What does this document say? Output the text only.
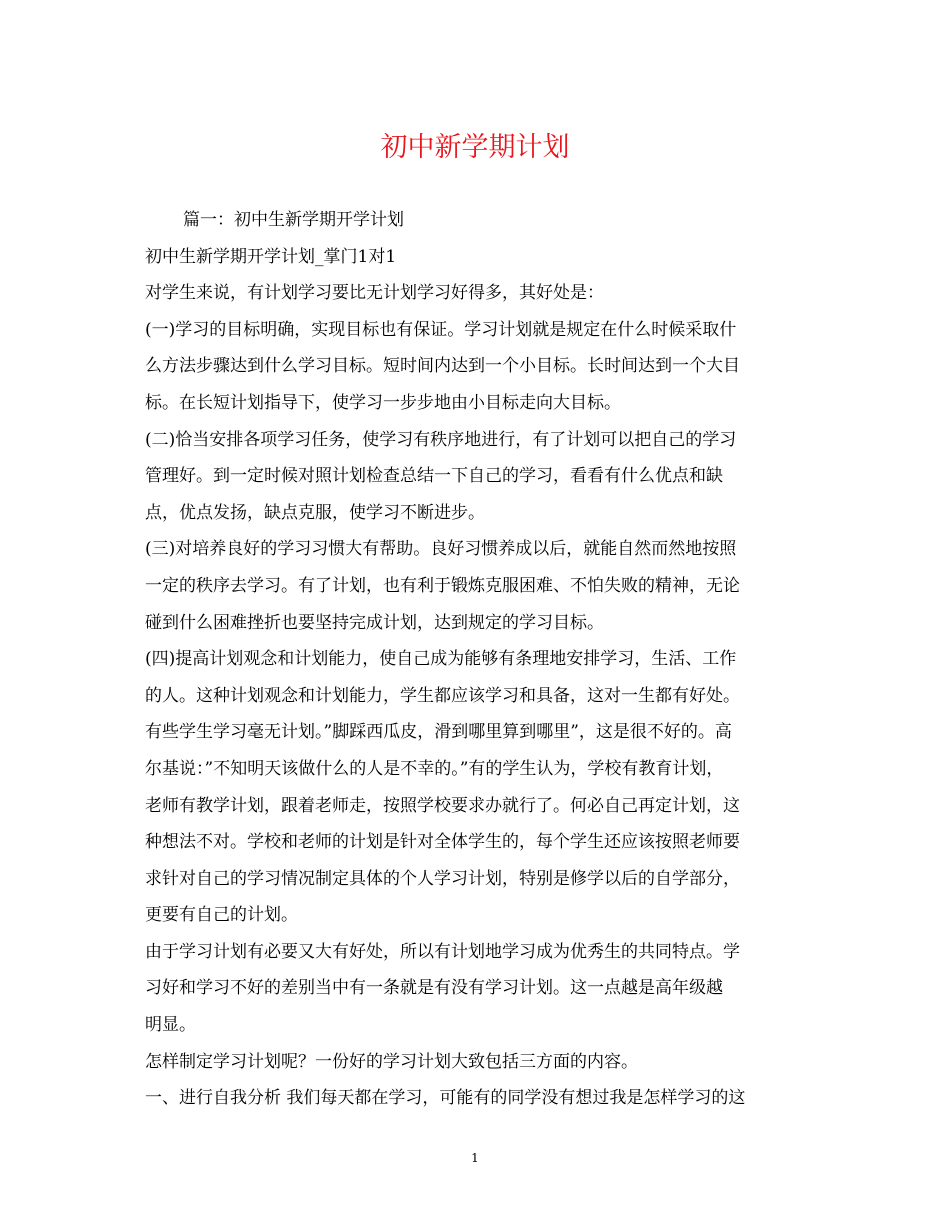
初中新学期计划
篇一：初中生新学期开学计划
初中生新学期开学计划_掌门1对1
对学生来说，有计划学习要比无计划学习好得多，其好处是：
(一)学习的目标明确，实现目标也有保证。学习计划就是规定在什么时候采取什
么方法步骤达到什么学习目标。短时间内达到一个小目标。长时间达到一个大目
标。在长短计划指导下，使学习一步步地由小目标走向大目标。
(二)恰当安排各项学习任务，使学习有秩序地进行，有了计划可以把自己的学习
管理好。到一定时候对照计划检查总结一下自己的学习，看看有什么优点和缺
点，优点发扬，缺点克服，使学习不断进步。
(三)对培养良好的学习习惯大有帮助。良好习惯养成以后，就能自然而然地按照
一定的秩序去学习。有了计划，也有利于锻炼克服困难、不怕失败的精神，无论
碰到什么困难挫折也要坚持完成计划，达到规定的学习目标。
(四)提高计划观念和计划能力，使自己成为能够有条理地安排学习，生活、工作
的人。这种计划观念和计划能力，学生都应该学习和具备，这对一生都有好处。
有些学生学习毫无计划。”脚踩西瓜皮，滑到哪里算到哪里”，这是很不好的。高
尔基说：”不知明天该做什么的人是不幸的。”有的学生认为，学校有教育计划，
老师有教学计划，跟着老师走，按照学校要求办就行了。何必自己再定计划，这
种想法不对。学校和老师的计划是针对全体学生的，每个学生还应该按照老师要
求针对自己的学习情况制定具体的个人学习计划，特别是修学以后的自学部分，
更要有自己的计划。
由于学习计划有必要又大有好处，所以有计划地学习成为优秀生的共同特点。学
习好和学习不好的差别当中有一条就是有没有学习计划。这一点越是高年级越
明显。
怎样制定学习计划呢？一份好的学习计划大致包括三方面的内容。
一、进行自我分析 我们每天都在学习，可能有的同学没有想过我是怎样学习的这
1
